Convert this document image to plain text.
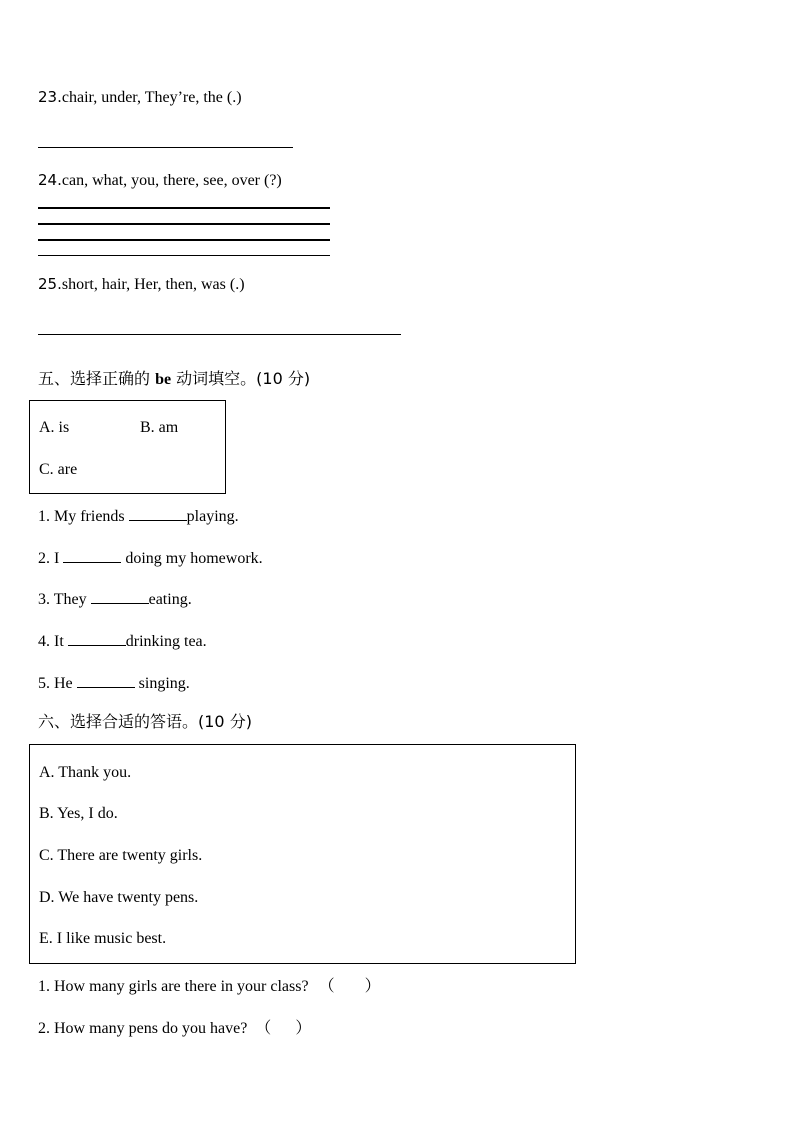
23.chair, under, They’re, the (.)
24.can, what, you, there, see, over (?)
25.short, hair, Her, then, was (.)
五、选择正确的 be 动词填空。(10 分)
A. is	B. am
C. are
1. My friends	playing.
2. I	doing my homework.
3. They	eating.
4. It	drinking tea.
5. He	singing.
六、选择合适的答语。(10 分)
A. Thank you.
B. Yes, I do.
C. There are twenty girls.
D. We have twenty pens.
E. I like music best.
1. How many girls are there in your class? （ ）
2. How many pens do you have? （ ）
